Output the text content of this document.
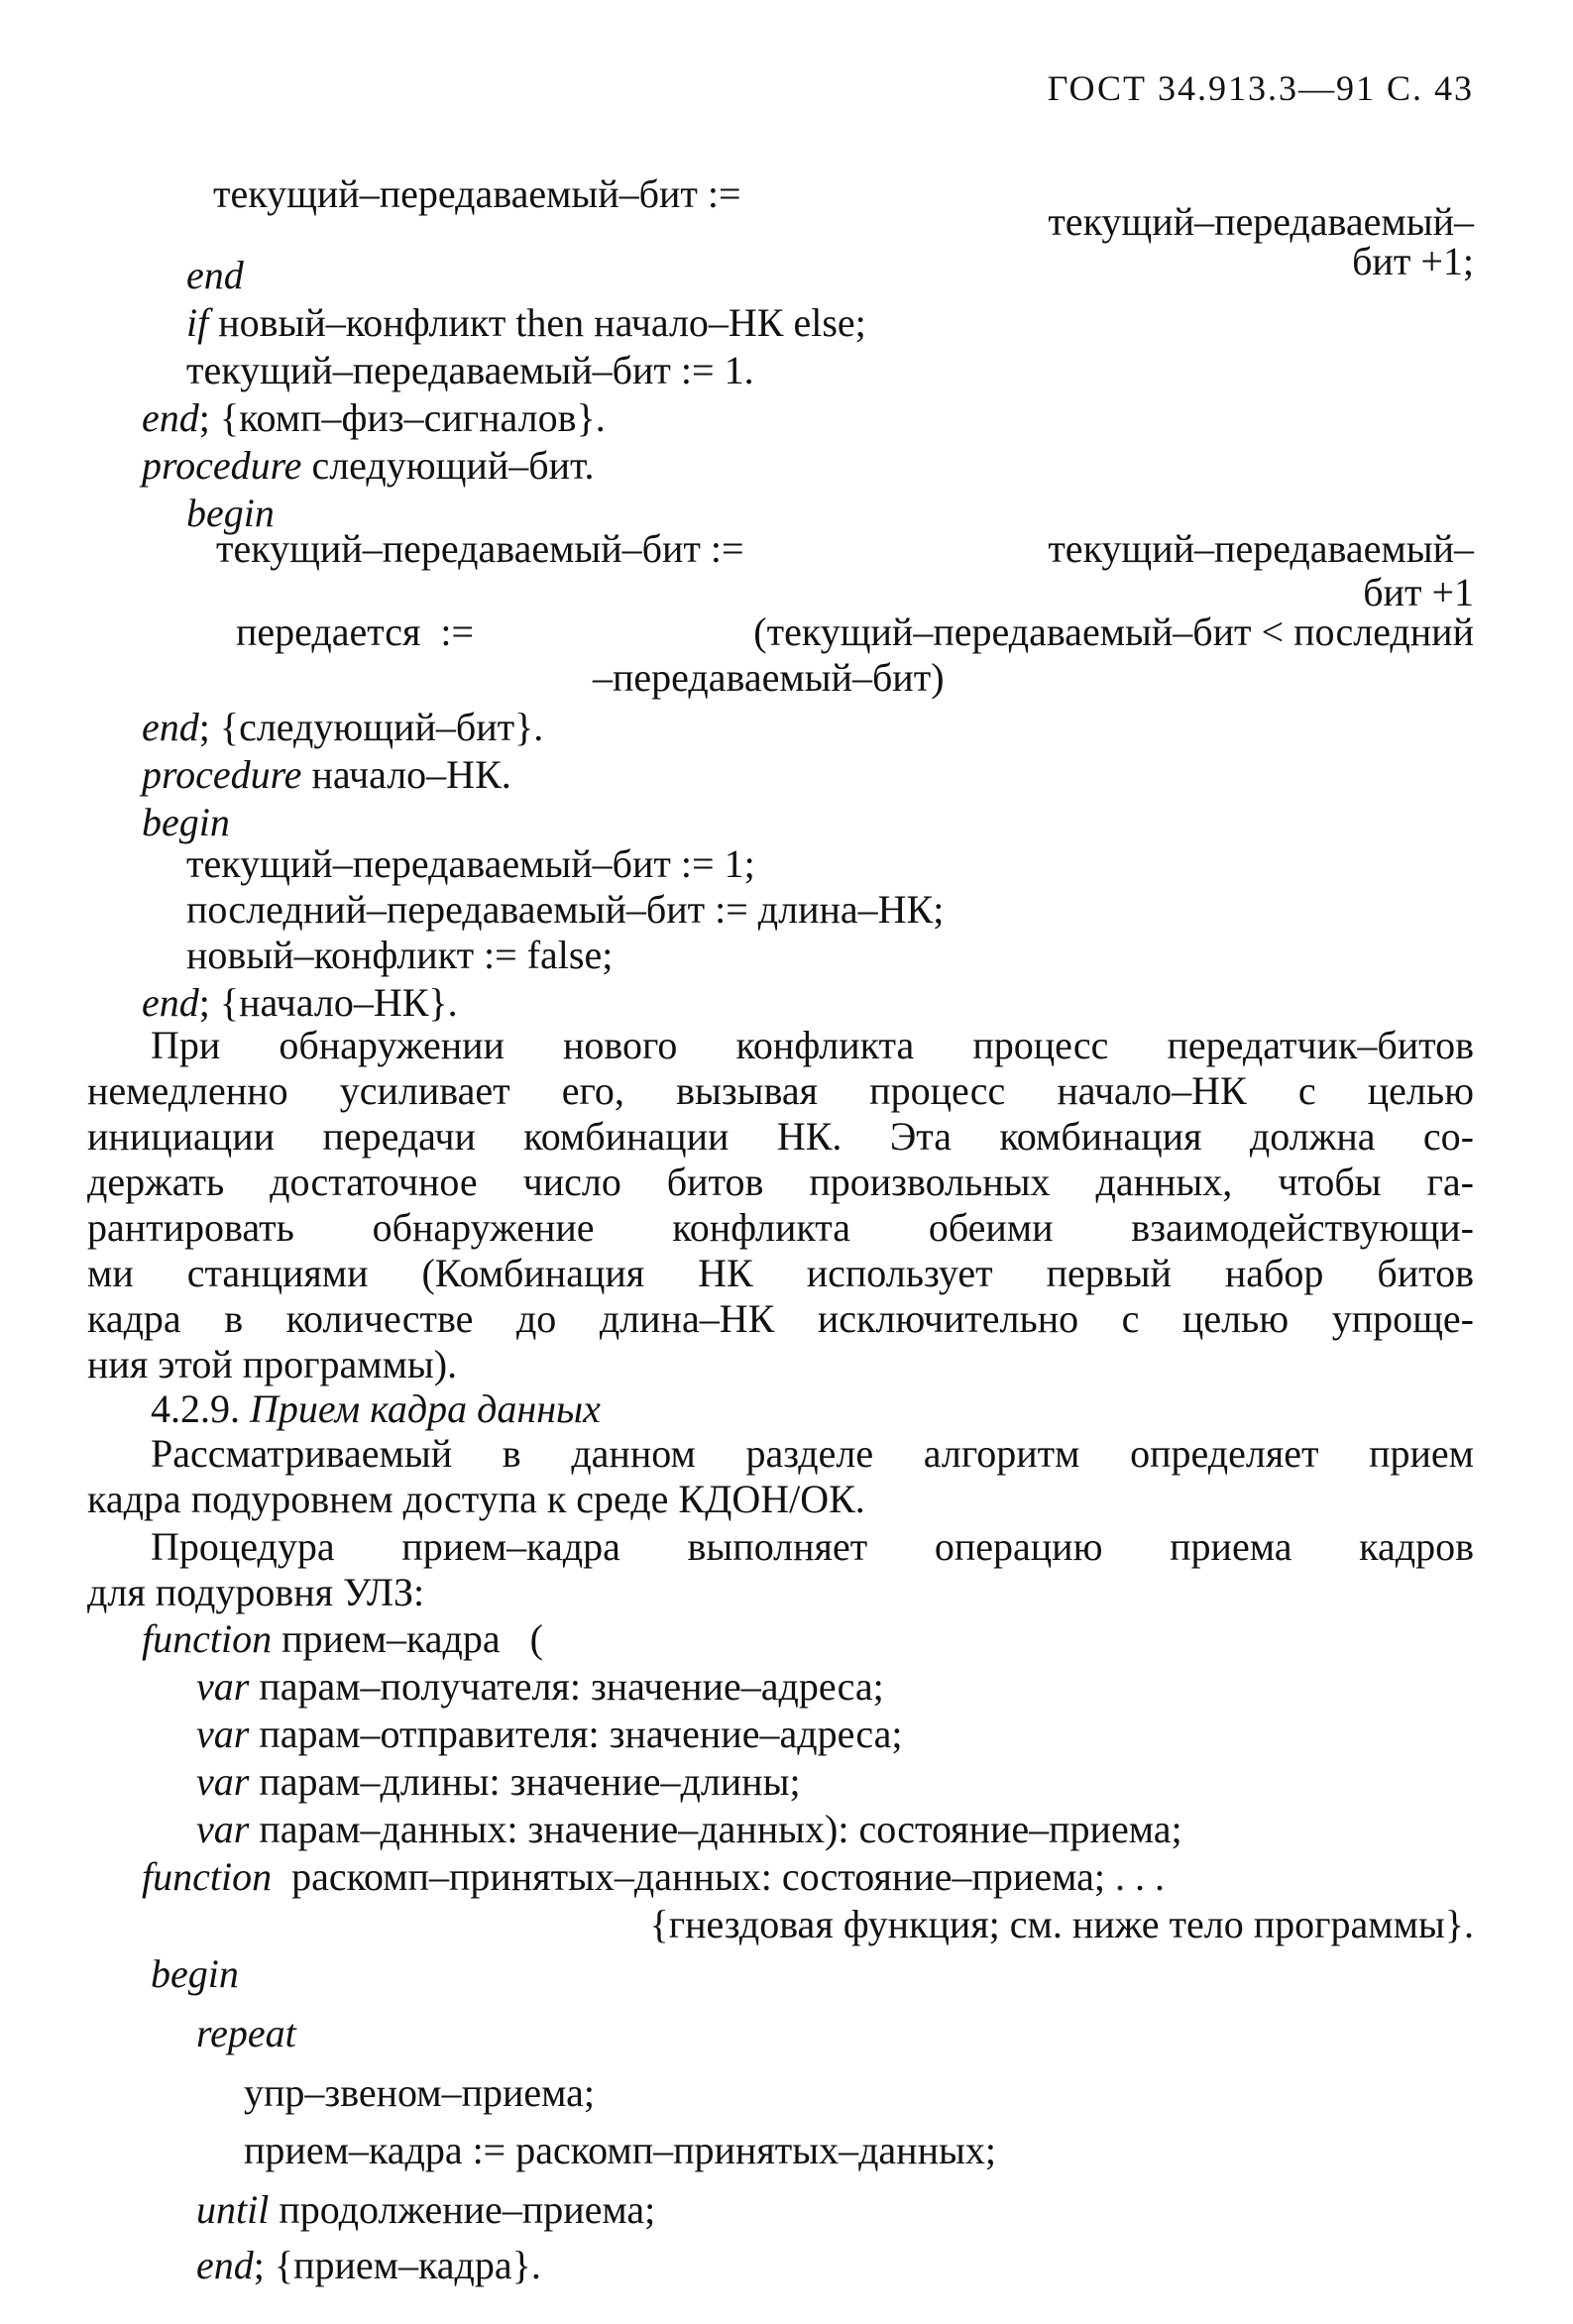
ГОСТ 34.913.3—91 С. 43
текущий–передаваемый–бит :=
текущий–передаваемый–
бит +1;
end
if новый–конфликт then начало–НК else;
текущий–передаваемый–бит := 1.
end; {комп–физ–сигналов}.
procedure следующий–бит.
begin
текущий–передаваемый–бит :=	текущий–передаваемый–
бит +1
передается  :=	(текущий–передаваемый–бит < последний
–передаваемый–бит)
end; {следующий–бит}.
procedure начало–НК.
begin
текущий–передаваемый–бит := 1;
последний–передаваемый–бит := длина–НК;
новый–конфликт := false;
end; {начало–НК}.
При обнаружении нового конфликта процесс передатчик–битов
немедленно усиливает его, вызывая процесс начало–НК с целью
инициации передачи комбинации НК. Эта комбинация должна со-
держать достаточное число битов произвольных данных, чтобы га-
рантировать обнаружение конфликта обеими взаимодействующи-
ми станциями (Комбинация НК использует первый набор битов
кадра в количестве до длина–НК исключительно с целью упроще-
ния этой программы).
4.2.9. Прием кадра данных
Рассматриваемый в данном разделе алгоритм определяет прием
кадра подуровнем доступа к среде КДОН/ОК.
Процедура прием–кадра выполняет операцию приема кадров
для подуровня УЛЗ:
function прием–кадра   (
var парам–получателя: значение–адреса;
var парам–отправителя: значение–адреса;
var парам–длины: значение–длины;
var парам–данных: значение–данных): состояние–приема;
function  раскомп–принятых–данных: состояние–приема; . . .
{гнездовая функция; см. ниже тело программы}.
begin
repeat
упр–звеном–приема;
прием–кадра := раскомп–принятых–данных;
until продолжение–приема;
end; {прием–кадра}.
